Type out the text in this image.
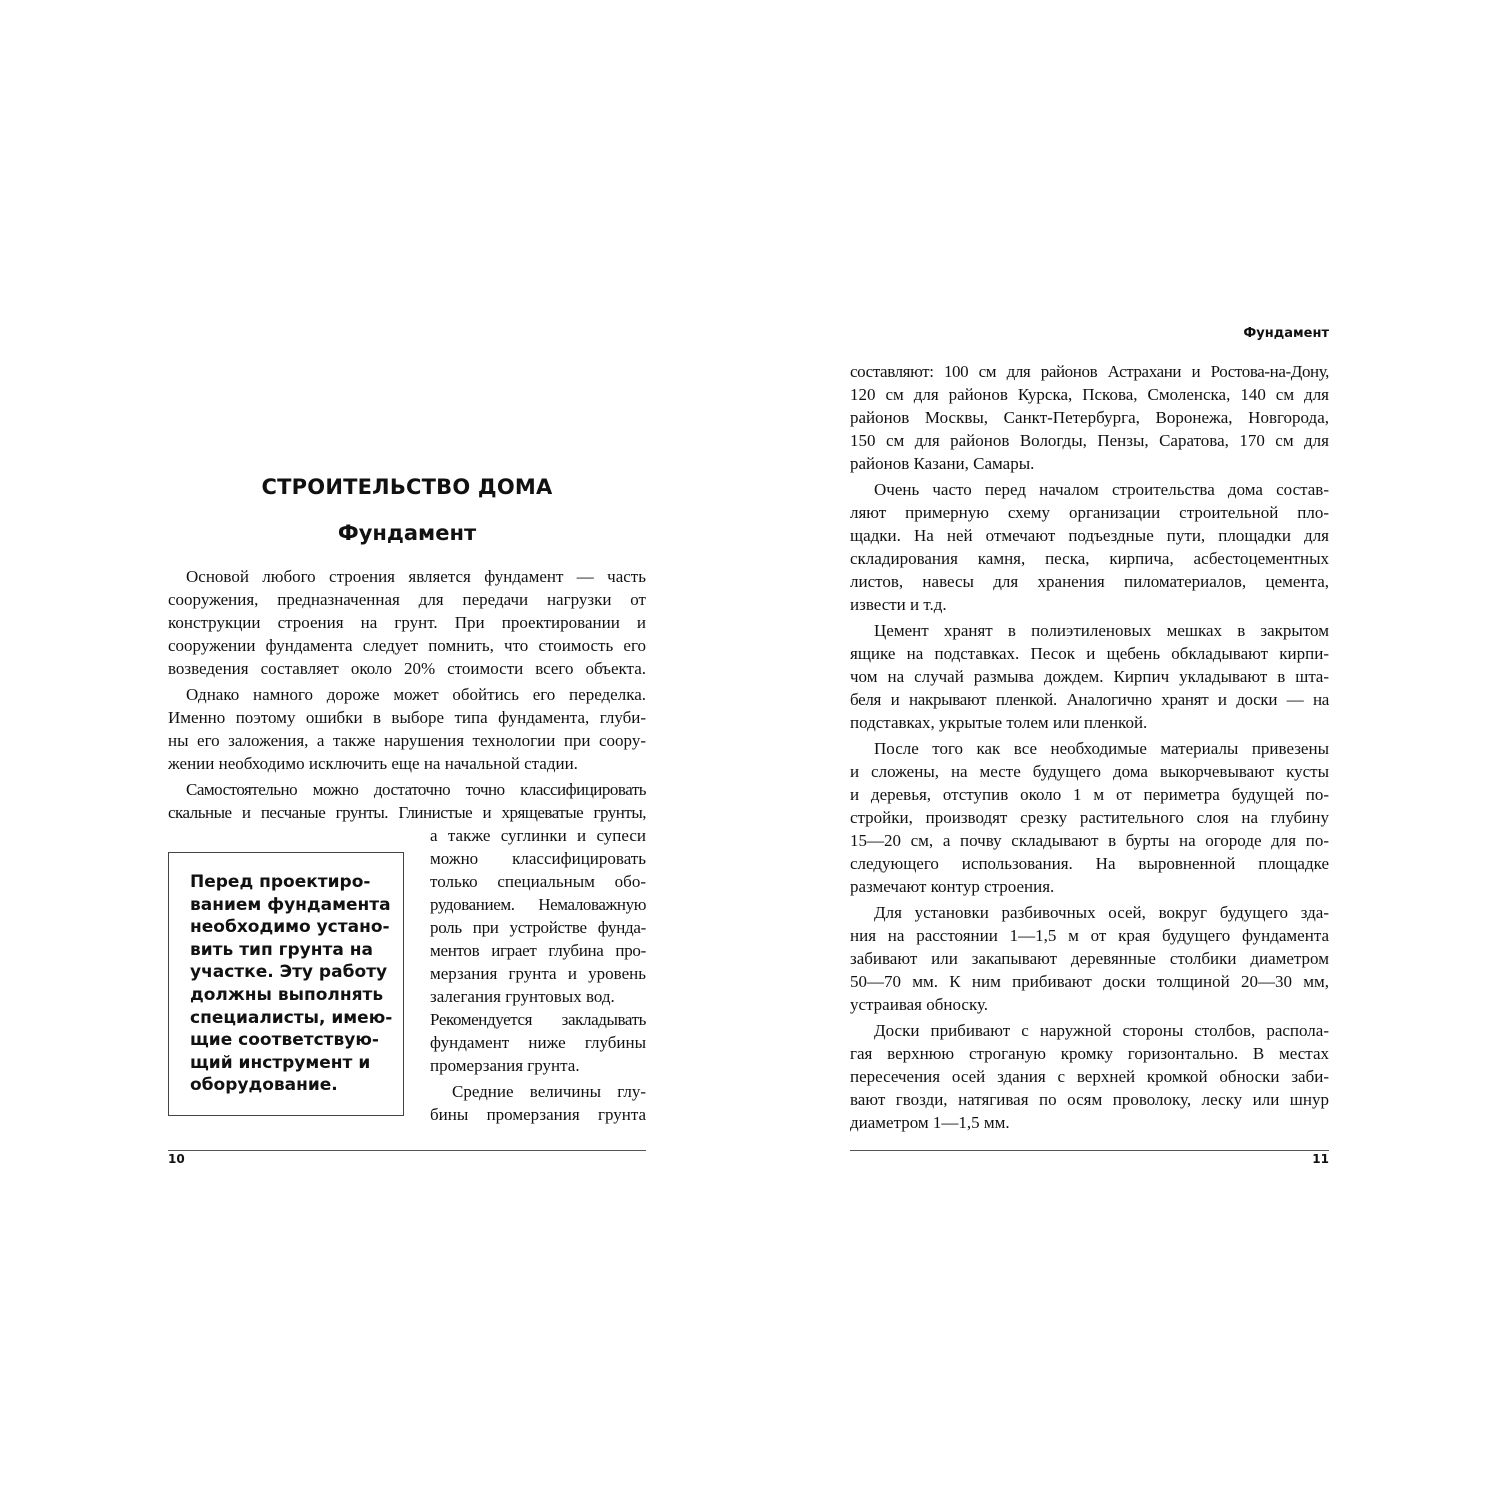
СТРОИТЕЛЬСТВО ДОМА
Фундамент
Основой любого строения является фундамент — часть
сооружения, предназначенная для передачи нагрузки от
конструкции строения на грунт. При проектировании и
сооружении фундамента следует помнить, что стоимость его
возведения составляет около 20% стоимости всего объекта.
Однако намного дороже может обойтись его переделка.
Именно поэтому ошибки в выборе типа фундамента, глуби-
ны его заложения, а также нарушения технологии при соору-
жении необходимо исключить еще на начальной стадии.
Самостоятельно можно достаточно точно классифицировать
скальные и песчаные грунты. Глинистые и хрящеватые грунты,
а также суглинки и супеси
можно классифицировать
только специальным обо-
рудованием. Немаловажную
роль при устройстве фунда-
ментов играет глубина про-
мерзания грунта и уровень
залегания грунтовых вод.
Рекомендуется закладывать
фундамент ниже глубины
промерзания грунта.
Средние величины глу-
бины промерзания грунта
Перед проектиро-
ванием фундамента
необходимо устано-
вить тип грунта на
участке. Эту работу
должны выполнять
специалисты, имею-
щие соответствую-
щий инструмент и
оборудование.
10
Фундамент
составляют: 100 см для районов Астрахани и Ростова-на-Дону,
120 см для районов Курска, Пскова, Смоленска, 140 см для
районов Москвы, Санкт-Петербурга, Воронежа, Новгорода,
150 см для районов Вологды, Пензы, Саратова, 170 см для
районов Казани, Самары.
Очень часто перед началом строительства дома состав-
ляют примерную схему организации строительной пло-
щадки. На ней отмечают подъездные пути, площадки для
складирования камня, песка, кирпича, асбестоцементных
листов, навесы для хранения пиломатериалов, цемента,
извести и т.д.
Цемент хранят в полиэтиленовых мешках в закрытом
ящике на подставках. Песок и щебень обкладывают кирпи-
чом на случай размыва дождем. Кирпич укладывают в штa-
беля и накрывают пленкой. Аналогично хранят и доски — на
подставках, укрытые толем или пленкой.
После того как все необходимые материалы привезены
и сложены, на месте будущего дома выкорчевывают кусты
и деревья, отступив около 1 м от периметра будущей по-
стройки, производят срезку растительного слоя на глубину
15—20 см, а почву складывают в бурты на огороде для по-
следующего использования. На выровненной площадке
размечают контур строения.
Для установки разбивочных осей, вокруг будущего зда-
ния на расстоянии 1—1,5 м от края будущего фундамента
забивают или закапывают деревянные столбики диаметром
50—70 мм. К ним прибивают доски толщиной 20—30 мм,
устраивая обноску.
Доски прибивают с наружной стороны столбов, распола-
гая верхнюю строганую кромку горизонтально. В местах
пересечения осей здания с верхней кромкой обноски заби-
вают гвозди, натягивая по осям проволоку, леску или шнур
диаметром 1—1,5 мм.
11
